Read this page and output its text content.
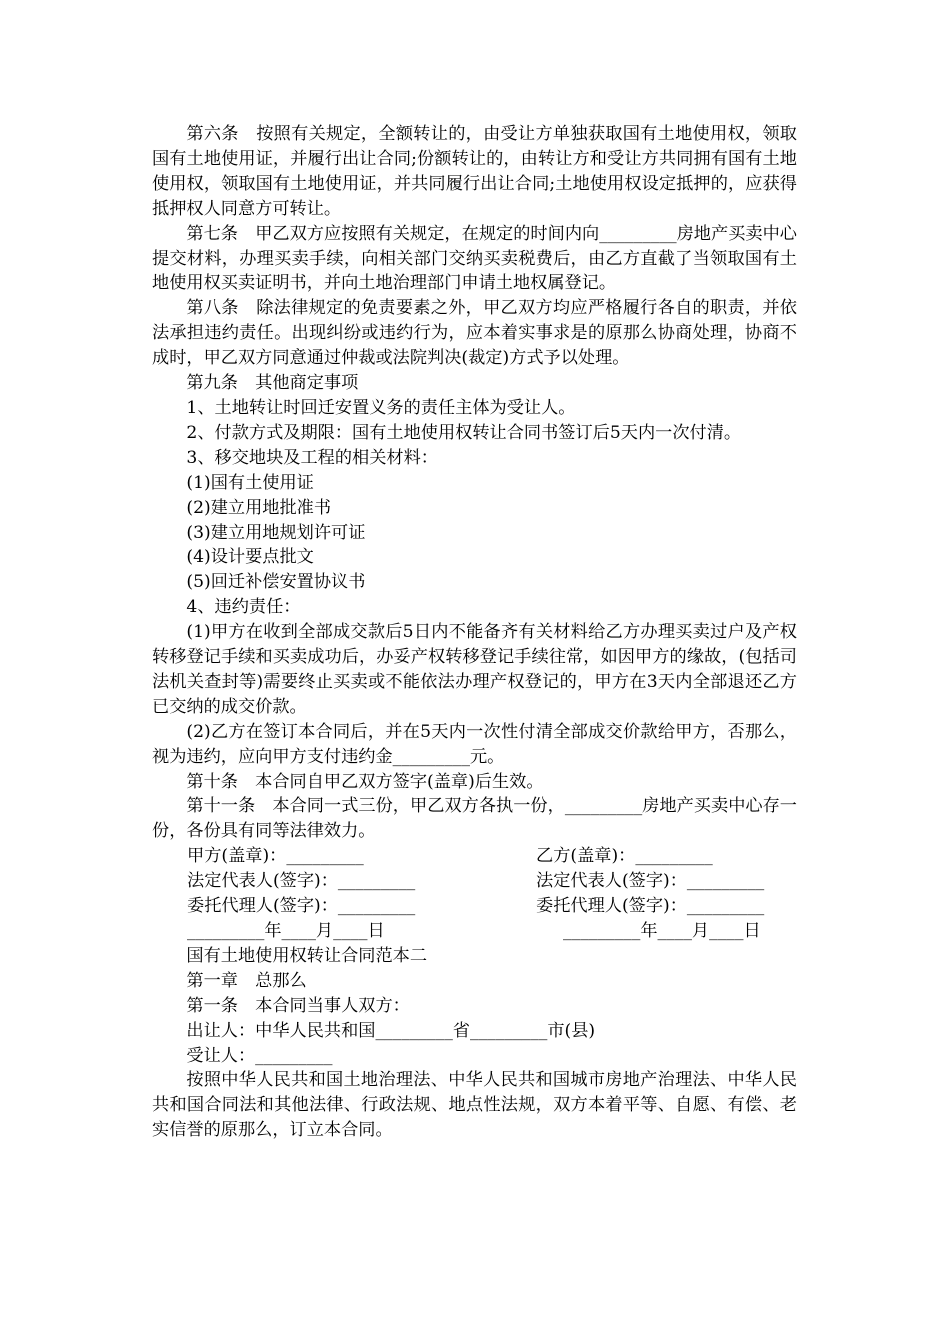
第六条　按照有关规定，全额转让的，由受让方单独获取国有土地使用权，领取国有土地使用证，并履行出让合同;份额转让的，由转让方和受让方共同拥有国有土地使用权，领取国有土地使用证，并共同履行出让合同;土地使用权设定抵押的，应获得抵押权人同意方可转让。

第七条　甲乙双方应按照有关规定，在规定的时间内向_________房地产买卖中心提交材料，办理买卖手续，向相关部门交纳买卖税费后，由乙方直截了当领取国有土地使用权买卖证明书，并向土地治理部门申请土地权属登记。

第八条　除法律规定的免责要素之外，甲乙双方均应严格履行各自的职责，并依法承担违约责任。出现纠纷或违约行为，应本着实事求是的原那么协商处理，协商不成时，甲乙双方同意通过仲裁或法院判决(裁定)方式予以处理。

第九条　其他商定事项

1、土地转让时回迁安置义务的责任主体为受让人。

2、付款方式及期限：国有土地使用权转让合同书签订后5天内一次付清。

3、移交地块及工程的相关材料：

(1)国有土使用证

(2)建立用地批准书

(3)建立用地规划许可证

(4)设计要点批文

(5)回迁补偿安置协议书

4、违约责任：

(1)甲方在收到全部成交款后5日内不能备齐有关材料给乙方办理买卖过户及产权转移登记手续和买卖成功后，办妥产权转移登记手续往常，如因甲方的缘故，(包括司法机关查封等)需要终止买卖或不能依法办理产权登记的，甲方在3天内全部退还乙方已交纳的成交价款。

(2)乙方在签订本合同后，并在5天内一次性付清全部成交价款给甲方，否那么，视为违约，应向甲方支付违约金_________元。

第十条　本合同自甲乙双方签字(盖章)后生效。

第十一条　本合同一式三份，甲乙双方各执一份，_________房地产买卖中心存一份，各份具有同等法律效力。

甲方(盖章)：_________	乙方(盖章)：_________
法定代表人(签字)：_________	法定代表人(签字)：_________
委托代理人(签字)：_________	委托代理人(签字)：_________
_________年____月____日	_________年____月____日

国有土地使用权转让合同范本二

第一章　总那么

第一条　本合同当事人双方：

出让人：中华人民共和国_________省_________市(县)

受让人：_________

按照中华人民共和国土地治理法、中华人民共和国城市房地产治理法、中华人民共和国合同法和其他法律、行政法规、地点性法规，双方本着平等、自愿、有偿、老实信誉的原那么，订立本合同。
